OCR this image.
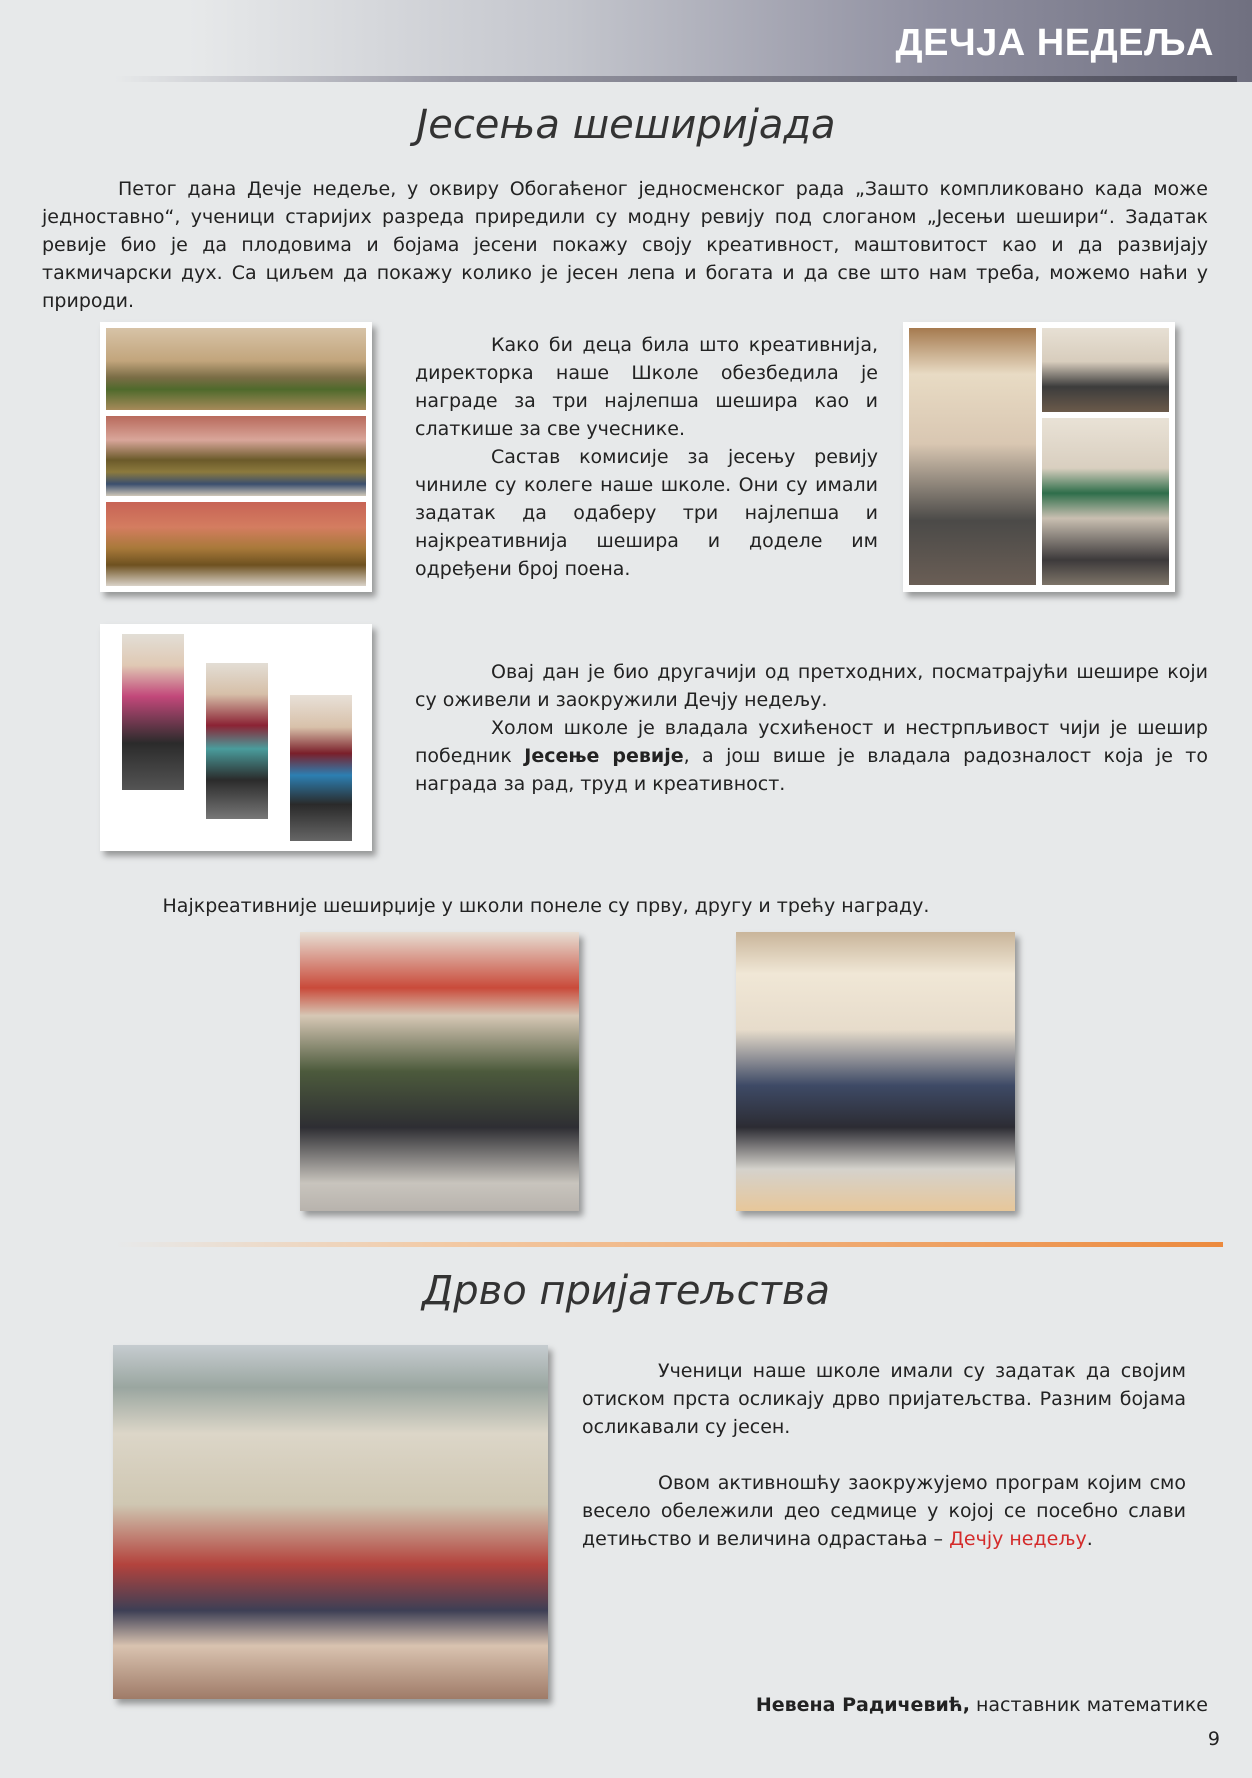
ДЕЧЈА НЕДЕЉА
Јесења шеширијада

Петог дана Дечје недеље, у оквиру Обогаћеног једносменског рада „Зашто компликовано када може једноставно“, ученици старијих разреда приредили су модну ревију под слоганом „Јесењи шешири“. Задатак ревије био је да плодовима и бојама јесени покажу своју креативност, маштовитост као и да развијају такмичарски дух. Са циљем да покажу колико је јесен лепа и богата и да све што нам треба, можемо наћи у природи.

Како би деца била што креативнија, директорка наше Школе обезбедила је награде за три најлепша шешира као и слаткише за све учеснике.

Састав комисије за јесењу ревију чиниле су колеге наше школе. Они су имали задатак да одаберу три најлепша и најкреативнија шешира и доделе им одређени број поена.

Овај дан је био другачији од претходних, посматрајући шешире који су оживели и заокружили Дечју недељу.

Холом школе је владала усхићеност и нестрпљивост чији је шешир победник Јесење ревије, а још више је владала радозналост која је то награда за рад, труд и креативност.

Најкреативније шеширџије у школи понеле су прву, другу и трећу награду.
Дрво пријатељства

Ученици наше школе имали су задатак да својим отиском прста осликају дрво пријатељства. Разним бојама осликавали су јесен.

Овом активношћу заокружујемо програм којим смо весело обележили део седмице у којој се посебно слави детињство и величина одрастања – Дечју недељу.

Невена Радичевић, наставник математике
9
